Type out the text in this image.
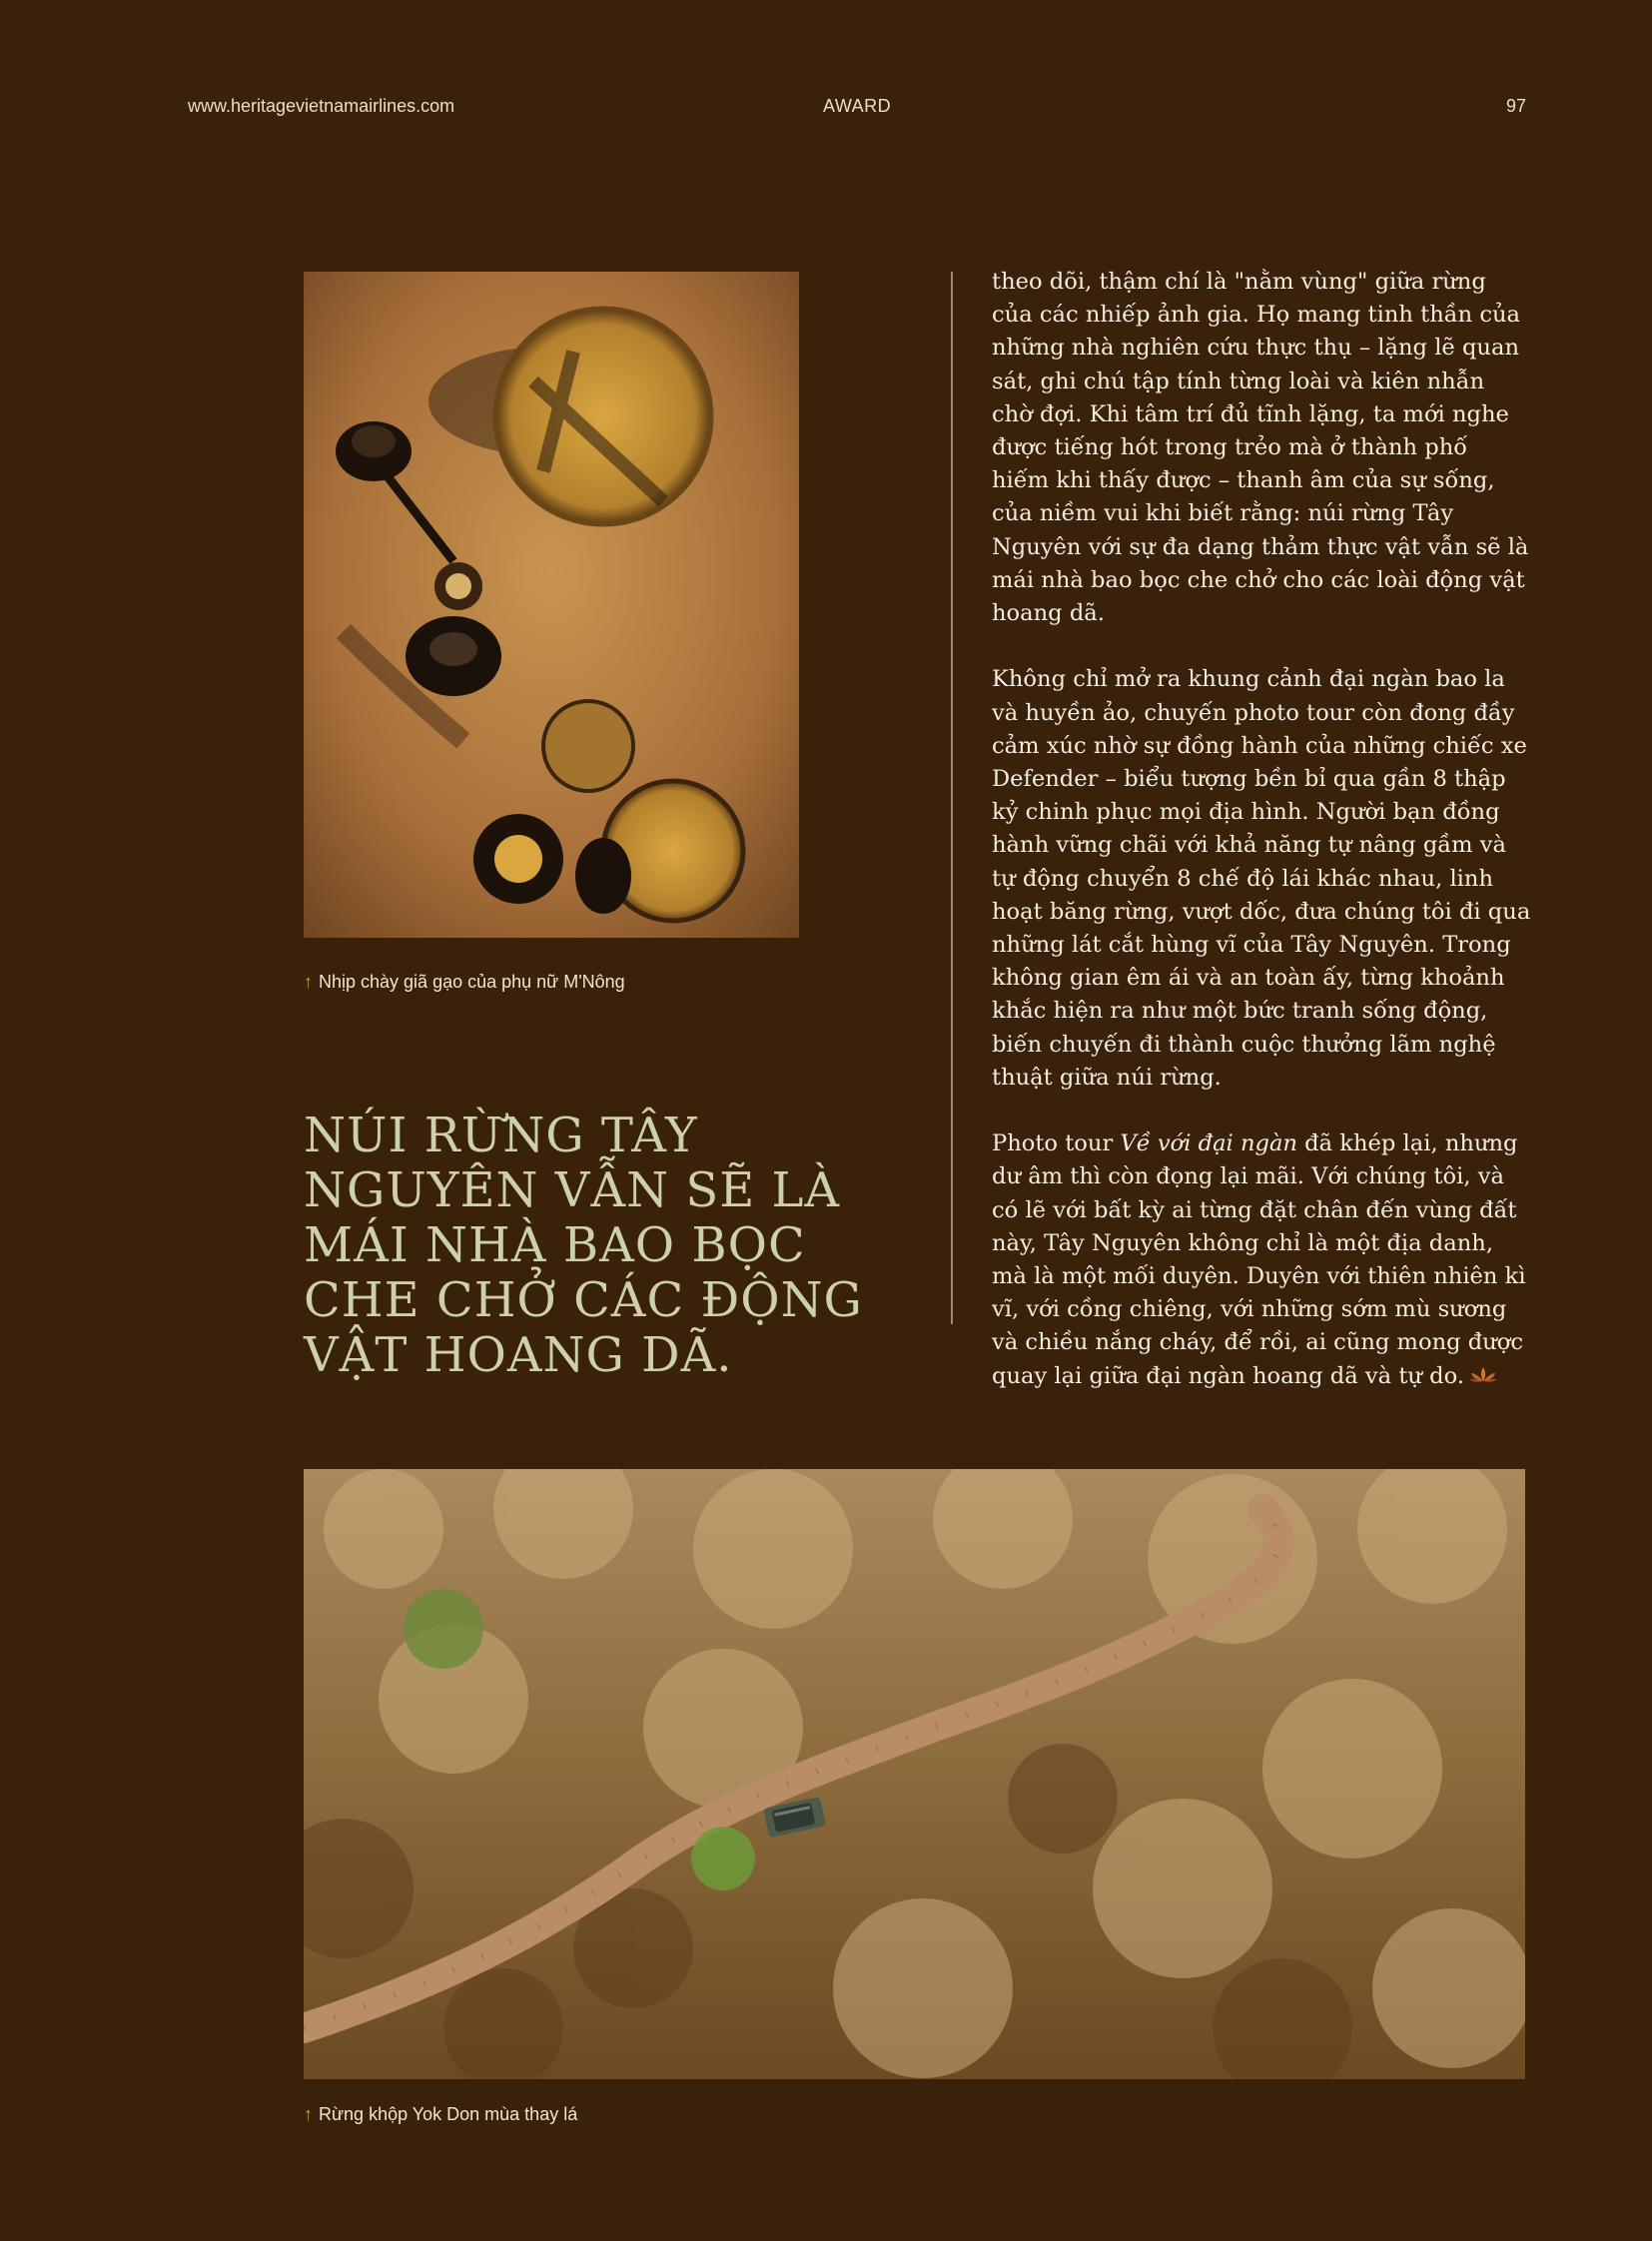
www.heritagevietnamairlines.com	AWARD	97
↑ Nhịp chày giã gạo của phụ nữ M'Nông
NÚI RỪNG TÂY NGUYÊN VẪN SẼ LÀ MÁI NHÀ BAO BỌC CHE CHỞ CÁC ĐỘNG VẬT HOANG DÃ.

theo dõi, thậm chí là "nằm vùng" giữa rừng của các nhiếp ảnh gia. Họ mang tinh thần của những nhà nghiên cứu thực thụ – lặng lẽ quan sát, ghi chú tập tính từng loài và kiên nhẫn chờ đợi. Khi tâm trí đủ tĩnh lặng, ta mới nghe được tiếng hót trong trẻo mà ở thành phố hiếm khi thấy được – thanh âm của sự sống, của niềm vui khi biết rằng: núi rừng Tây Nguyên với sự đa dạng thảm thực vật vẫn sẽ là mái nhà bao bọc che chở cho các loài động vật hoang dã.

Không chỉ mở ra khung cảnh đại ngàn bao la và huyền ảo, chuyến photo tour còn đong đầy cảm xúc nhờ sự đồng hành của những chiếc xe Defender – biểu tượng bền bỉ qua gần 8 thập kỷ chinh phục mọi địa hình. Người bạn đồng hành vững chãi với khả năng tự nâng gầm và tự động chuyển 8 chế độ lái khác nhau, linh hoạt băng rừng, vượt dốc, đưa chúng tôi đi qua những lát cắt hùng vĩ của Tây Nguyên. Trong không gian êm ái và an toàn ấy, từng khoảnh khắc hiện ra như một bức tranh sống động, biến chuyến đi thành cuộc thưởng lãm nghệ thuật giữa núi rừng.

Photo tour Về với đại ngàn đã khép lại, nhưng dư âm thì còn đọng lại mãi. Với chúng tôi, và có lẽ với bất kỳ ai từng đặt chân đến vùng đất này, Tây Nguyên không chỉ là một địa danh, mà là một mối duyên. Duyên với thiên nhiên kì vĩ, với cồng chiêng, với những sớm mù sương và chiều nắng cháy, để rồi, ai cũng mong được quay lại giữa đại ngàn hoang dã và tự do.

↑ Rừng khộp Yok Don mùa thay lá
